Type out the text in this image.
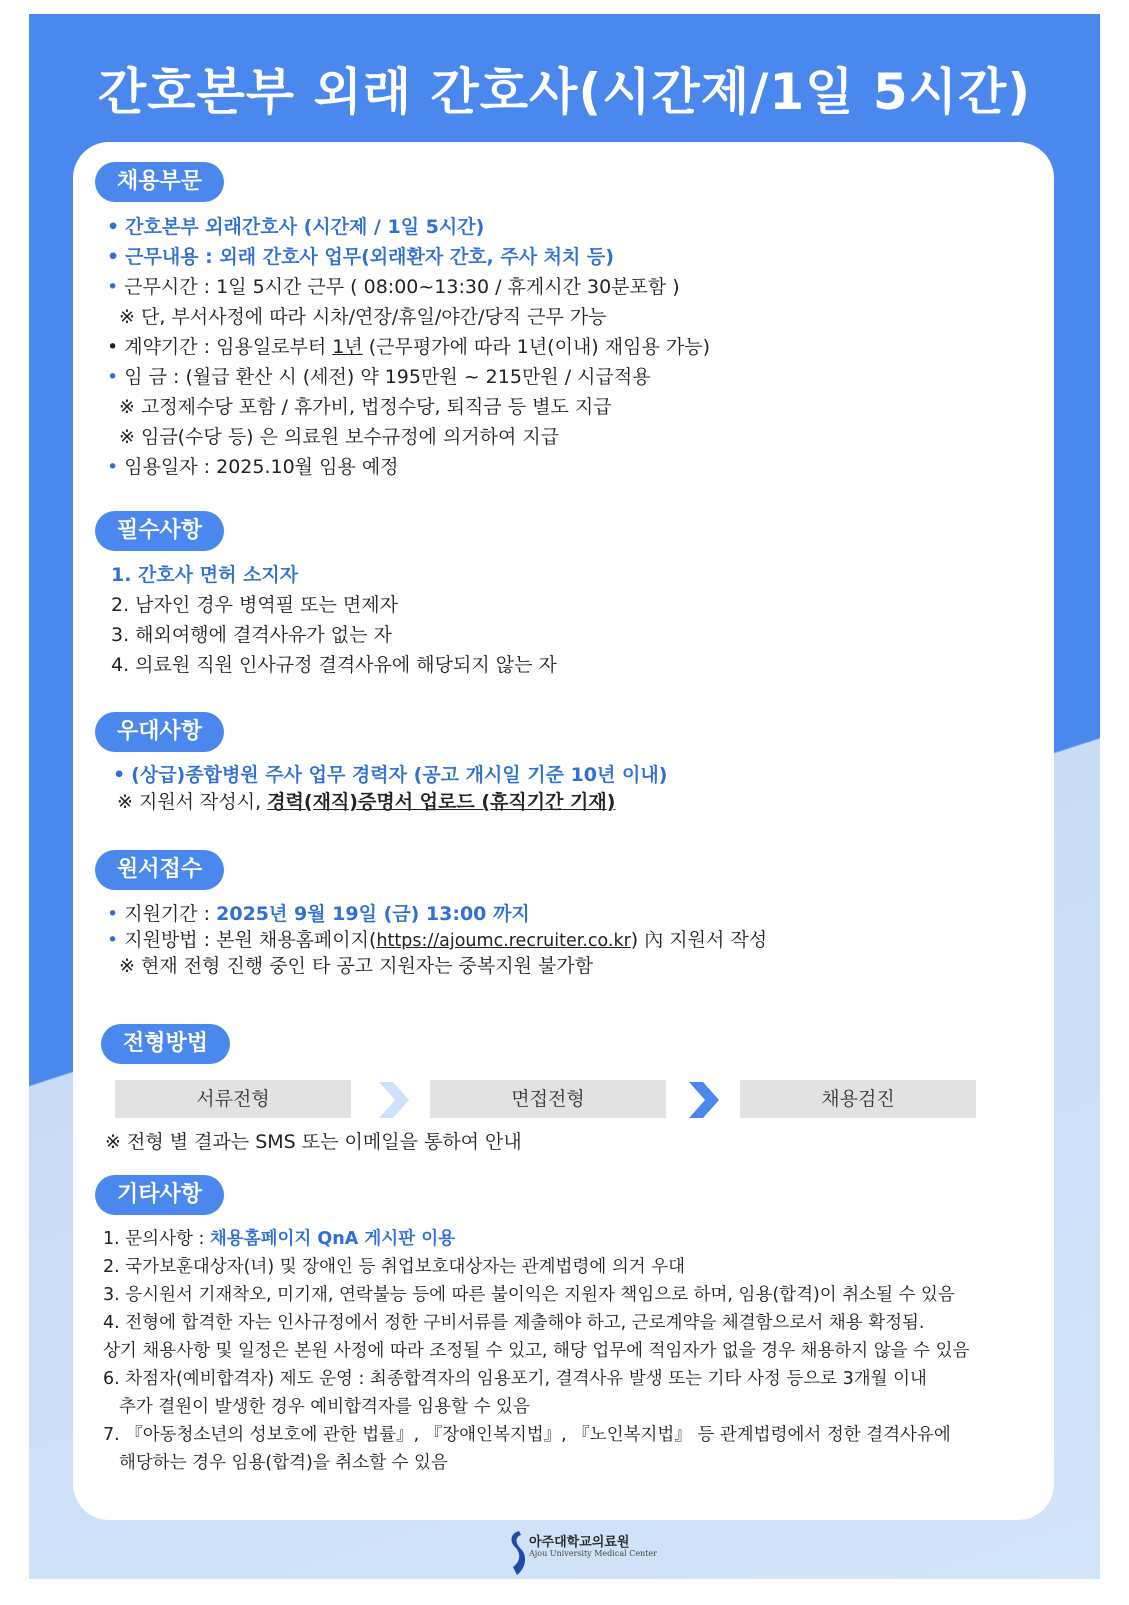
간호본부 외래 간호사(시간제/1일 5시간)
채용부문
• 간호본부 외래간호사 (시간제 / 1일 5시간)
• 근무내용 : 외래 간호사 업무(외래환자 간호, 주사 처치 등)
• 근무시간 : 1일 5시간 근무 ( 08:00~13:30 / 휴게시간 30분포함 )
※ 단, 부서사정에 따라 시차/연장/휴일/야간/당직 근무 가능
• 계약기간 : 임용일로부터 1년 (근무평가에 따라 1년(이내) 재임용 가능)
• 임 금 : (월급 환산 시 (세전) 약 195만원 ~ 215만원 / 시급적용
※ 고정제수당 포함 / 휴가비, 법정수당, 퇴직금 등 별도 지급
※ 임금(수당 등) 은 의료원 보수규정에 의거하여 지급
• 임용일자 : 2025.10월 임용 예정
필수사항
1. 간호사 면허 소지자
2. 남자인 경우 병역필 또는 면제자
3. 해외여행에 결격사유가 없는 자
4. 의료원 직원 인사규정 결격사유에 해당되지 않는 자
우대사항
• (상급)종합병원 주사 업무 경력자 (공고 개시일 기준 10년 이내)
※ 지원서 작성시, 경력(재직)증명서 업로드 (휴직기간 기재)
원서접수
• 지원기간 : 2025년 9월 19일 (금) 13:00 까지
• 지원방법 : 본원 채용홈페이지(https://ajoumc.recruiter.co.kr) 內 지원서 작성
※ 현재 전형 진행 중인 타 공고 지원자는 중복지원 불가함
전형방법
서류전형	면접전형	채용검진
※ 전형 별 결과는 SMS 또는 이메일을 통하여 안내
기타사항
1. 문의사항 : 채용홈페이지 QnA 게시판 이용
2. 국가보훈대상자(녀) 및 장애인 등 취업보호대상자는 관계법령에 의거 우대
3. 응시원서 기재착오, 미기재, 연락불능 등에 따른 불이익은 지원자 책임으로 하며, 임용(합격)이 취소될 수 있음
4. 전형에 합격한 자는 인사규정에서 정한 구비서류를 제출해야 하고, 근로계약을 체결함으로서 채용 확정됨.
상기 채용사항 및 일정은 본원 사정에 따라 조정될 수 있고, 해당 업무에 적임자가 없을 경우 채용하지 않을 수 있음
6. 차점자(예비합격자) 제도 운영 : 최종합격자의 임용포기, 결격사유 발생 또는 기타 사정 등으로 3개월 이내
추가 결원이 발생한 경우 예비합격자를 임용할 수 있음
7. 『아동청소년의 성보호에 관한 법률』, 『장애인복지법』, 『노인복지법』 등 관계법령에서 정한 결격사유에
해당하는 경우 임용(합격)을 취소할 수 있음
아주대학교의료원
Ajou University Medical Center
